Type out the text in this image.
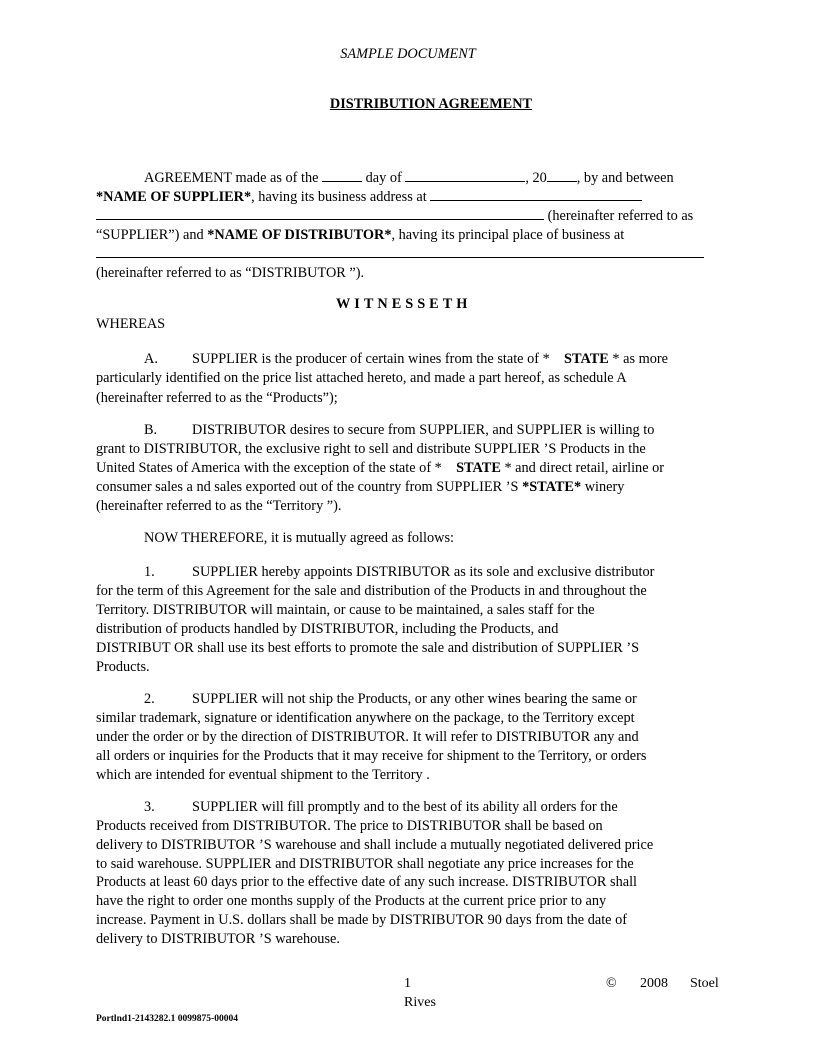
SAMPLE DOCUMENT
DISTRIBUTION AGREEMENT
AGREEMENT made as of the	day of	, 20 , by and between
*NAME OF SUPPLIER*, having its business address at
(hereinafter referred to as
“SUPPLIER”) and *NAME OF DISTRIBUTOR*, having its principal place of business at
(hereinafter referred to as “DISTRIBUTOR ”).
WITNESSETH
WHEREAS
A. SUPPLIER is the producer of certain wines from the state of * STATE * as more
particularly identified on the price list attached hereto, and made a part hereof, as schedule A
(hereinafter referred to as the “Products”);
B. DISTRIBUTOR desires to secure from SUPPLIER, and SUPPLIER is willing to
grant to DISTRIBUTOR, the exclusive right to sell and distribute SUPPLIER ’S Products in the
United States of America with the exception of the state of * STATE * and direct retail, airline or
consumer sales a nd sales exported out of the country from SUPPLIER ’S *STATE* winery
(hereinafter referred to as the “Territory ”).
NOW THEREFORE, it is mutually agreed as follows:
1.	SUPPLIER hereby appoints DISTRIBUTOR as its sole and exclusive distributor
for the term of this Agreement for the sale and distribution of the Products in and throughout the
Territory. DISTRIBUTOR will maintain, or cause to be maintained, a sales staff for the
distribution of products handled by DISTRIBUTOR, including the Products, and
DISTRIBUT OR shall use its best efforts to promote the sale and distribution of SUPPLIER ’S
Products.
2.	SUPPLIER will not ship the Products, or any other wines bearing the same or
similar trademark, signature or identification anywhere on the package, to the Territory except
under the order or by the direction of DISTRIBUTOR. It will refer to DISTRIBUTOR any and
all orders or inquiries for the Products that it may receive for shipment to the Territory, or orders
which are intended for eventual shipment to the Territory .
3.	SUPPLIER will fill promptly and to the best of its ability all orders for the
Products received from DISTRIBUTOR. The price to DISTRIBUTOR shall be based on
delivery to DISTRIBUTOR ’S warehouse and shall include a mutually negotiated delivered price
to said warehouse. SUPPLIER and DISTRIBUTOR shall negotiate any price increases for the
Products at least 60 days prior to the effective date of any such increase. DISTRIBUTOR shall
have the right to order one months supply of the Products at the current price prior to any
increase. Payment in U.S. dollars shall be made by DISTRIBUTOR 90 days from the date of
delivery to DISTRIBUTOR ’S warehouse.
1
Rives
© 2008 Stoel
Portlnd1-2143282.1 0099875-00004
